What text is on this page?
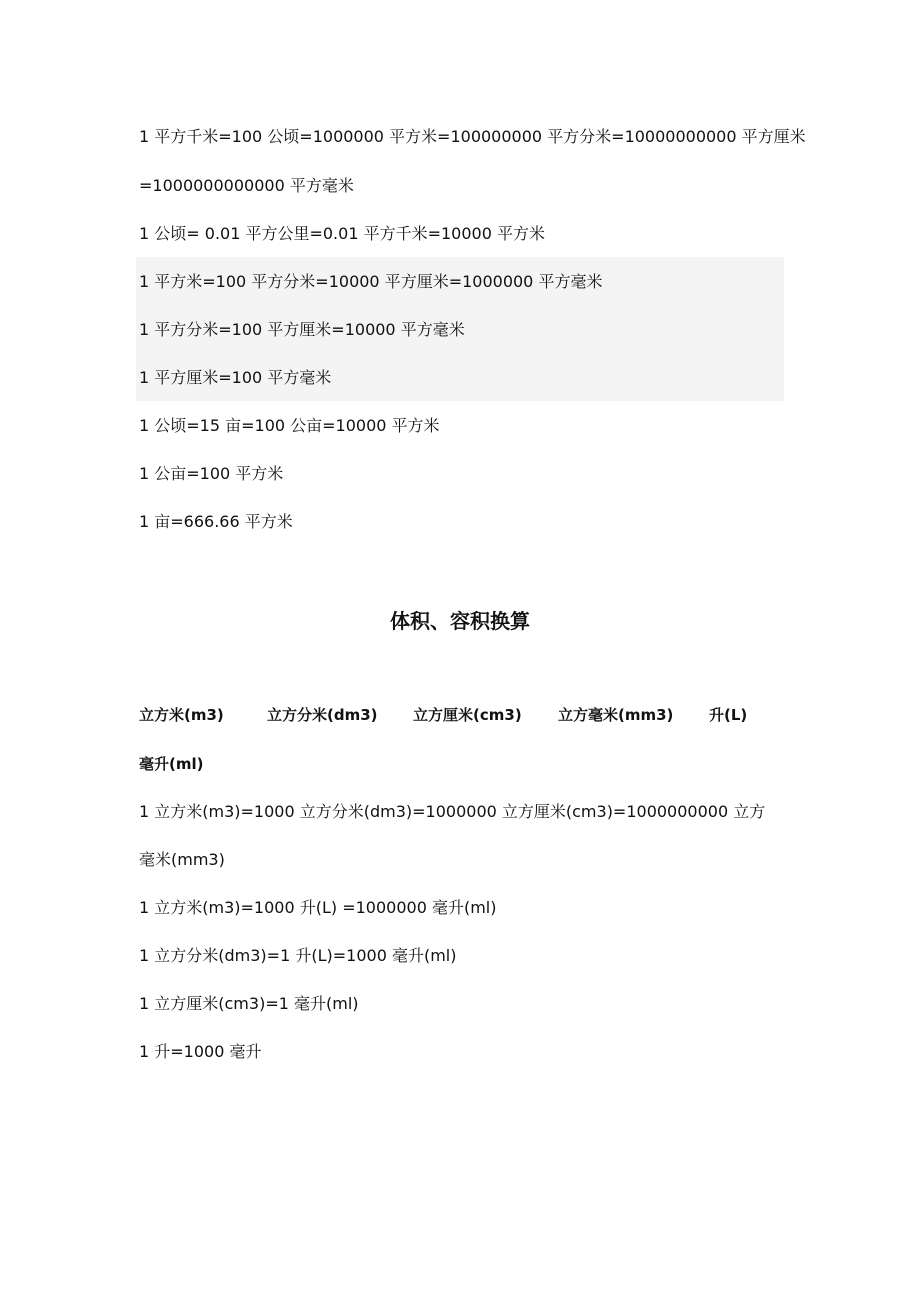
1 平方千米=100 公顷=1000000 平方米=100000000 平方分米=10000000000 平方厘米
=1000000000000 平方毫米
1 公顷= 0.01 平方公里=0.01 平方千米=10000 平方米
1 平方米=100 平方分米=10000 平方厘米=1000000 平方毫米
1 平方分米=100 平方厘米=10000 平方毫米
1 平方厘米=100 平方毫米
1 公顷=15 亩=100 公亩=10000 平方米
1 公亩=100 平方米
1 亩=666.66 平方米
体积、容积换算
立方米(m3)	立方分米(dm3) 立方厘米(cm3) 立方毫米(mm3) 升(L)
毫升(ml)
1 立方米(m3)=1000 立方分米(dm3)=1000000 立方厘米(cm3)=1000000000 立方
毫米(mm3)
1 立方米(m3)=1000 升(L) =1000000 毫升(ml)
1 立方分米(dm3)=1 升(L)=1000 毫升(ml)
1 立方厘米(cm3)=1 毫升(ml)
1 升=1000 毫升
